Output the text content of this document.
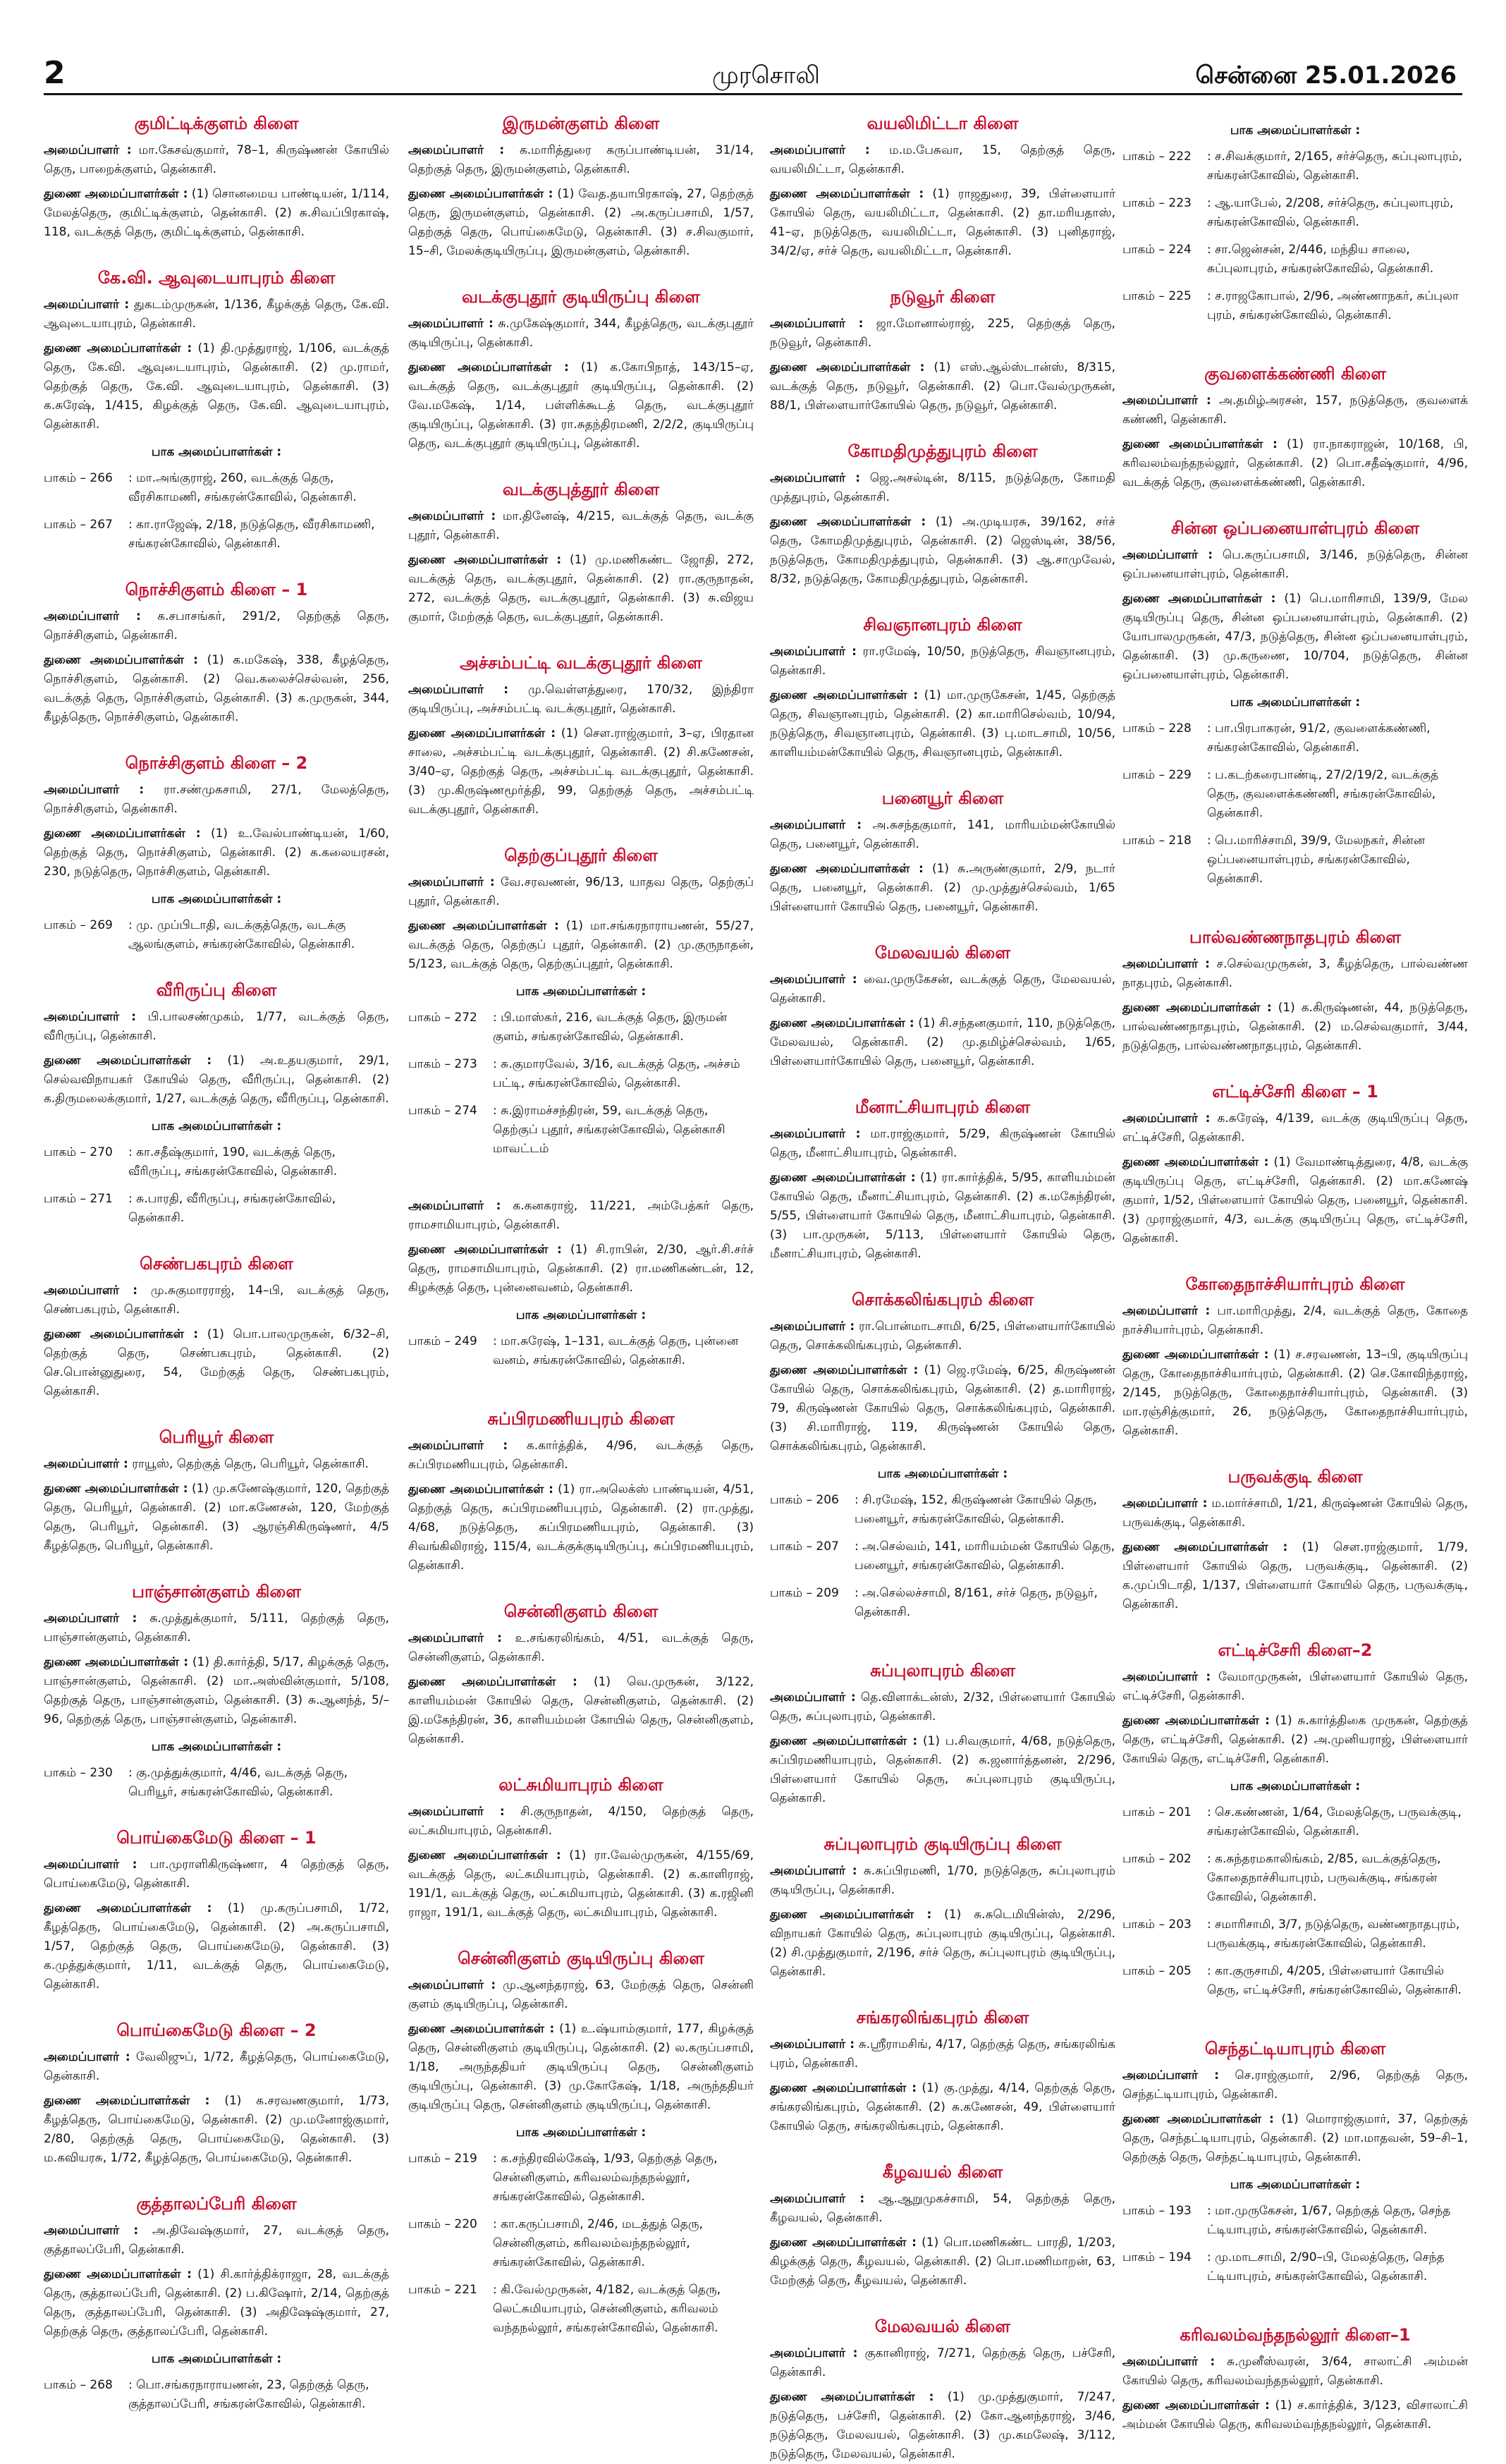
2	முரசொலி	சென்னை 25.01.2026
குமிட்டிக்குளம் கிளை
அமைப்பாளர் : மா.கேசவ்குமார், 78–1, கிருஷ்ணன் கோயில் தெரு, பாறைக்குளம், தென்காசி.
துணை அமைப்பாளர்கள் : (1) சொனமைய பாண்டியன், 1/114, மேலத்தெரு, குமிட்டிக்குளம், தென்காசி. (2) சு.சிவப்பிரகாஷ், 118, வடக்குத் தெரு, குமிட்டிக்குளம், தென்காசி.
கே.வி. ஆவுடையாபுரம் கிளை
அமைப்பாளர் : துகடம்முருகன், 1/136, கீழக்குத் தெரு, கே.வி. ஆவுடையாபுரம், தென்காசி.
துணை அமைப்பாளர்கள் : (1) தி.முத்துராஜ், 1/106, வடக்குத் தெரு, கே.வி. ஆவுடையாபுரம், தென்காசி. (2) மு.ராமர், தெற்குத் தெரு, கே.வி. ஆவுடையாபுரம், தென்காசி. (3) க.சுரேஷ், 1/415, கிழக்குத் தெரு, கே.வி. ஆவுடையாபுரம், தென்காசி.
பாக அமைப்பாளர்கள் :
பாகம் – 266	: மா.அங்குராஜ், 260, வடக்குத் தெரு, வீரசிகாமணி, சங்கரன்கோவில், தென்காசி.
பாகம் – 267	: கா.ராஜேஷ், 2/18, நடுத்தெரு, வீரசிகாமணி, சங்கரன்கோவில், தென்காசி.
நொச்சிகுளம் கிளை – 1
அமைப்பாளர் : க.சபாசங்கர், 291/2, தெற்குத் தெரு, நொச்சிகுளம், தென்காசி.
துணை அமைப்பாளர்கள் : (1) க.மகேஷ், 338, கீழத்தெரு, நொச்சிகுளம், தென்காசி. (2) வெ.கலைச்செல்வன், 256, வடக்குத் தெரு, நொச்சிகுளம், தென்காசி. (3) க.முருகன், 344, கீழத்தெரு, நொச்சிகுளம், தென்காசி.
நொச்சிகுளம் கிளை – 2
அமைப்பாளர் : ரா.சண்முகசாமி, 27/1, மேலத்தெரு, நொச்சிகுளம், தென்காசி.
துணை அமைப்பாளர்கள் : (1) உ.வேல்பாண்டியன், 1/60, தெற்குத் தெரு, நொச்சிகுளம், தென்காசி. (2) க.கலையரசன், 230, நடுத்தெரு, நொச்சிகுளம், தென்காசி.
பாக அமைப்பாளர்கள் :
பாகம் – 269	: மு. முப்பிடாதி, வடக்குத்தெரு, வடக்கு ஆலங்குளம், சங்கரன்கோவில், தென்காசி.
வீரிருப்பு கிளை
அமைப்பாளர் : பி.பாலசண்முகம், 1/77, வடக்குத் தெரு, வீரிருப்பு, தென்காசி.
துணை அமைப்பாளர்கள் : (1) அ.உதயகுமார், 29/1, செல்வவிநாயகர் கோயில் தெரு, வீரிருப்பு, தென்காசி. (2) க.திருமலைக்குமார், 1/27, வடக்குத் தெரு, வீரிருப்பு, தென்காசி.
பாக அமைப்பாளர்கள் :
பாகம் – 270	: கா.சதீஷ்குமார், 190, வடக்குத் தெரு, வீரிருப்பு, சங்கரன்கோவில், தென்காசி.
பாகம் – 271	: சு.பாரதி, வீரிருப்பு, சங்கரன்கோவில், தென்காசி.
செண்பகபுரம் கிளை
அமைப்பாளர் : மு.சுகுமாரராஜ், 14–பி, வடக்குத் தெரு, செண்பகபுரம், தென்காசி.
துணை அமைப்பாளர்கள் : (1) பொ.பாலமுருகன், 6/32–சி, தெற்குத் தெரு, செண்பகபுரம், தென்காசி. (2) செ.பொன்னுதுரை, 54, மேற்குத் தெரு, செண்பகபுரம், தென்காசி.
பெரியூர் கிளை
அமைப்பாளர் : ராயூஸ், தெற்குத் தெரு, பெரியூர், தென்காசி.
துணை அமைப்பாளர்கள் : (1) மு.கணேஷ்குமார், 120, தெற்குத் தெரு, பெரியூர், தென்காசி. (2) மா.கணேசன், 120, மேற்குத் தெரு, பெரியூர், தென்காசி. (3) ஆரஞ்சிகிருஷ்ணர், 4/5 கீழத்தெரு, பெரியூர், தென்காசி.
பாஞ்சான்குளம் கிளை
அமைப்பாளர் : சு.முத்துக்குமார், 5/111, தெற்குத் தெரு, பாஞ்சான்குளம், தென்காசி.
துணை அமைப்பாளர்கள் : (1) தி.கார்த்தி, 5/17, கிழக்குத் தெரு, பாஞ்சான்குளம், தென்காசி. (2) மா.அஸ்வின்குமார், 5/108, தெற்குத் தெரு, பாஞ்சான்குளம், தென்காசி. (3) சு.ஆனந்த், 5/–96, தெற்குத் தெரு, பாஞ்சான்குளம், தென்காசி.
பாக அமைப்பாளர்கள் :
பாகம் – 230	: கு.முத்துக்குமார், 4/46, வடக்குத் தெரு, பெரியூர், சங்கரன்கோவில், தென்காசி.
பொய்கைமேடு கிளை – 1
அமைப்பாளர் : பா.முராளிகிருஷ்ணா, 4 தெற்குத் தெரு, பொய்கைமேடு, தென்காசி.
துணை அமைப்பாளர்கள் : (1) மு.கருப்பசாமி, 1/72, கீழத்தெரு, பொய்கைமேடு, தென்காசி. (2) அ.கருப்பசாமி, 1/57, தெற்குத் தெரு, பொய்கைமேடு, தென்காசி. (3) க.முத்துக்குமார், 1/11, வடக்குத் தெரு, பொய்கைமேடு, தென்காசி.
பொய்கைமேடு கிளை – 2
அமைப்பாளர் : வேலிஜுப், 1/72, கீழத்தெரு, பொய்கைமேடு, தென்காசி.
துணை அமைப்பாளர்கள் : (1) க.சரவணகுமார், 1/73, கீழத்தெரு, பொய்கைமேடு, தென்காசி. (2) மு.மனோஜ்குமார், 2/80, தெற்குத் தெரு, பொய்கைமேடு, தென்காசி. (3) ம.கவியரசு, 1/72, கீழத்தெரு, பொய்கைமேடு, தென்காசி.
குத்தாலப்பேரி கிளை
அமைப்பாளர் : அ.திவேஷ்குமார், 27, வடக்குத் தெரு, குத்தாலப்பேரி, தென்காசி.
துணை அமைப்பாளர்கள் : (1) சி.கார்த்திக்ராஜா, 28, வடக்குத் தெரு, குத்தாலப்பேரி, தென்காசி. (2) ப.கிஷோர், 2/14, தெற்குத் தெரு, குத்தாலப்பேரி, தென்காசி. (3) அதிஷேஷ்குமார், 27, தெற்குத் தெரு, குத்தாலப்பேரி, தென்காசி.
பாக அமைப்பாளர்கள் :
பாகம் – 268	: பொ.சங்கரநாராயணன், 23, தெற்குத் தெரு, குத்தாலப்பேரி, சங்கரன்கோவில், தென்காசி.
இருமன்குளம் கிளை
அமைப்பாளர் : க.மாரித்துரை கருப்பாண்டியன், 31/14, தெற்குத் தெரு, இருமன்குளம், தென்காசி.
துணை அமைப்பாளர்கள் : (1) வேத.தயாபிரகாஷ், 27, தெற்குத் தெரு, இருமன்குளம், தென்காசி. (2) அ.கருப்பசாமி, 1/57, தெற்குத் தெரு, பொய்கைமேடு, தென்காசி. (3) ச.சிவகுமார், 15–சி, மேலக்குடியிருப்பு, இருமன்குளம், தென்காசி.
வடக்குபுதூர் குடியிருப்பு கிளை
அமைப்பாளர் : சு.முகேஷ்குமார், 344, கீழத்தெரு, வடக்குபுதூர் குடியிருப்பு, தென்காசி.
துணை அமைப்பாளர்கள் : (1) க.கோபிநாத், 143/15–ஏ, வடக்குத் தெரு, வடக்குபுதூர் குடியிருப்பு, தென்காசி. (2) வே.மகேஷ், 1/14, பள்ளிக்கூடத் தெரு, வடக்குபுதூர் குடியிருப்பு, தென்காசி. (3) ரா.சுதந்திரமணி, 2/2/2, குடியிருப்பு தெரு, வடக்குபுதூர் குடியிருப்பு, தென்காசி.
வடக்குபுத்தூர் கிளை
அமைப்பாளர் : மா.தினேஷ், 4/215, வடக்குத் தெரு, வடக்கு புதூர், தென்காசி.
துணை அமைப்பாளர்கள் : (1) மு.மணிகண்ட ஜோதி, 272, வடக்குத் தெரு, வடக்குபுதூர், தென்காசி. (2) ரா.குருநாதன், 272, வடக்குத் தெரு, வடக்குபுதூர், தென்காசி. (3) சு.விஜய குமார், மேற்குத் தெரு, வடக்குபுதூர், தென்காசி.
அச்சம்பட்டி வடக்குபுதூர் கிளை
அமைப்பாளர் : மு.வெள்ளத்துரை, 170/32, இந்திரா குடியிருப்பு, அச்சம்பட்டி வடக்குபுதூர், தென்காசி.
துணை அமைப்பாளர்கள் : (1) சௌ.ராஜ்குமார், 3–ஏ, பிரதான சாலை, அச்சம்பட்டி வடக்குபுதூர், தென்காசி. (2) சி.கணேசன், 3/40–ஏ, தெற்குத் தெரு, அச்சம்பட்டி வடக்குபுதூர், தென்காசி. (3) மு.கிருஷ்ணமூர்த்தி, 99, தெற்குத் தெரு, அச்சம்பட்டி வடக்குபுதூர், தென்காசி.
தெற்குப்புதூர் கிளை
அமைப்பாளர் : வே.சரவணன், 96/13, யாதவ தெரு, தெற்குப் புதூர், தென்காசி.
துணை அமைப்பாளர்கள் : (1) மா.சங்கரநாராயணன், 55/27, வடக்குத் தெரு, தெற்குப் புதூர், தென்காசி. (2) மு.குருநாதன், 5/123, வடக்குத் தெரு, தெற்குப்புதூர், தென்காசி.
பாக அமைப்பாளர்கள் :
பாகம் – 272	: பி.மாஸ்கர், 216, வடக்குத் தெரு, இருமன் குளம், சங்கரன்கோவில், தென்காசி.
பாகம் – 273	: சு.குமாரவேல், 3/16, வடக்குத் தெரு, அச்சம் பட்டி, சங்கரன்கோவில், தென்காசி.
பாகம் – 274	: சு.இராமச்சந்திரன், 59, வடக்குத் தெரு, தெற்குப் புதூர், சங்கரன்கோவில், தென்காசி மாவட்டம்
அமைப்பாளர் : க.கனகராஜ், 11/221, அம்பேத்கர் தெரு, ராமசாமியாபுரம், தென்காசி.
துணை அமைப்பாளர்கள் : (1) சி.ராபின், 2/30, ஆர்.சி.சர்ச் தெரு, ராமசாமியாபுரம், தென்காசி. (2) ரா.மணிகண்டன், 12, கிழக்குத் தெரு, புன்னைவனம், தென்காசி.
பாக அமைப்பாளர்கள் :
பாகம் – 249	: மா.சுரேஷ், 1–131, வடக்குத் தெரு, புன்னை வனம், சங்கரன்கோவில், தென்காசி.
சுப்பிரமணியபுரம் கிளை
அமைப்பாளர் : க.கார்த்திக், 4/96, வடக்குத் தெரு, சுப்பிரமணியபுரம், தென்காசி.
துணை அமைப்பாளர்கள் : (1) ரா.அலெக்ஸ் பாண்டியன், 4/51, தெற்குத் தெரு, சுப்பிரமணியபுரம், தென்காசி. (2) ரா.முத்து, 4/68, நடுத்தெரு, சுப்பிரமணியபுரம், தென்காசி. (3) சிவங்கிலிராஜ், 115/4, வடக்குக்குடியிருப்பு, சுப்பிரமணியபுரம், தென்காசி.
சென்னிகுளம் கிளை
அமைப்பாளர் : உ.சங்கரலிங்கம், 4/51, வடக்குத் தெரு, சென்னிகுளம், தென்காசி.
துணை அமைப்பாளர்கள் : (1) வெ.முருகன், 3/122, காளியம்மன் கோயில் தெரு, சென்னிகுளம், தென்காசி. (2) இ.மகேந்திரன், 36, காளியம்மன் கோயில் தெரு, சென்னிகுளம், தென்காசி.
லட்சுமியாபுரம் கிளை
அமைப்பாளர் : சி.குருநாதன், 4/150, தெற்குத் தெரு, லட்சுமியாபுரம், தென்காசி.
துணை அமைப்பாளர்கள் : (1) ரா.வேல்முருகன், 4/155/69, வடக்குத் தெரு, லட்சுமியாபுரம், தென்காசி. (2) க.காளிராஜ், 191/1, வடக்குத் தெரு, லட்சுமியாபுரம், தென்காசி. (3) க.ரஜினி ராஜா, 191/1, வடக்குத் தெரு, லட்சுமியாபுரம், தென்காசி.
சென்னிகுளம் குடியிருப்பு கிளை
அமைப்பாளர் : மு.ஆனந்தராஜ், 63, மேற்குத் தெரு, சென்னி குளம் குடியிருப்பு, தென்காசி.
துணை அமைப்பாளர்கள் : (1) உ.ஷ்யாம்குமார், 177, கிழக்குத் தெரு, சென்னிகுளம் குடியிருப்பு, தென்காசி. (2) ல.கருப்பசாமி, 1/18, அருந்ததியர் குடியிருப்பு தெரு, சென்னிகுளம் குடியிருப்பு, தென்காசி. (3) மு.கோகேஷ், 1/18, அருந்ததியர் குடியிருப்பு தெரு, சென்னிகுளம் குடியிருப்பு, தென்காசி.
பாக அமைப்பாளர்கள் :
பாகம் – 219	: க.சந்திரவில்கேஷ், 1/93, தெற்குத் தெரு, சென்னிகுளம், கரிவலம்வந்தநல்லூர், சங்கரன்கோவில், தென்காசி.
பாகம் – 220	: கா.கருப்பசாமி, 2/46, மடத்துத் தெரு, சென்னிகுளம், கரிவலம்வந்தநல்லூர், சங்கரன்கோவில், தென்காசி.
பாகம் – 221	: கி.வேல்முருகன், 4/182, வடக்குத் தெரு, லெட்சுமியாபுரம், சென்னிகுளம், கரிவலம் வந்தநல்லூர், சங்கரன்கோவில், தென்காசி.
வயலிமிட்டா கிளை
அமைப்பாளர் : ம.ம.பேசுவா, 15, தெற்குத் தெரு, வயலிமிட்டா, தென்காசி.
துணை அமைப்பாளர்கள் : (1) ராஜதுரை, 39, பிள்ளையார் கோயில் தெரு, வயலிமிட்டா, தென்காசி. (2) தா.மரியதாஸ், 41–ஏ, நடுத்தெரு, வயலிமிட்டா, தென்காசி. (3) புனிதராஜ், 34/2/ஏ, சர்ச் தெரு, வயலிமிட்டா, தென்காசி.
நடுவூர் கிளை
அமைப்பாளர் : ஜா.மோனால்ராஜ், 225, தெற்குத் தெரு, நடுவூர், தென்காசி.
துணை அமைப்பாளர்கள் : (1) எஸ்.ஆல்ஸ்டான்ஸ், 8/315, வடக்குத் தெரு, நடுவூர், தென்காசி. (2) பொ.வேல்முருகன், 88/1, பிள்ளையார்கோயில் தெரு, நடுவூர், தென்காசி.
கோமதிமுத்துபுரம் கிளை
அமைப்பாளர் : ஜெ.அசல்டின், 8/115, நடுத்தெரு, கோமதி முத்துபுரம், தென்காசி.
துணை அமைப்பாளர்கள் : (1) அ.முடியரசு, 39/162, சர்ச் தெரு, கோமதிமுத்துபுரம், தென்காசி. (2) ஜெஸ்டின், 38/56, நடுத்தெரு, கோமதிமுத்துபுரம், தென்காசி. (3) ஆ.சாமுவேல், 8/32, நடுத்தெரு, கோமதிமுத்துபுரம், தென்காசி.
சிவஞானபுரம் கிளை
அமைப்பாளர் : ரா.ரமேஷ், 10/50, நடுத்தெரு, சிவஞானபுரம், தென்காசி.
துணை அமைப்பாளர்கள் : (1) மா.முருகேசன், 1/45, தெற்குத் தெரு, சிவஞானபுரம், தென்காசி. (2) கா.மாரிசெல்வம், 10/94, நடுத்தெரு, சிவஞானபுரம், தென்காசி. (3) பு.மாடசாமி, 10/56, காளியம்மன்கோயில் தெரு, சிவஞானபுரம், தென்காசி.
பனையூர் கிளை
அமைப்பாளர் : அ.சுசந்தகுமார், 141, மாரியம்மன்கோயில் தெரு, பனையூர், தென்காசி.
துணை அமைப்பாளர்கள் : (1) சு.அருண்குமார், 2/9, நடார் தெரு, பனையூர், தென்காசி. (2) மு.முத்துச்செல்வம், 1/65 பிள்ளையார் கோயில் தெரு, பனையூர், தென்காசி.
மேலவயல் கிளை
அமைப்பாளர் : வை.முருகேசன், வடக்குத் தெரு, மேலவயல், தென்காசி.
துணை அமைப்பாளர்கள் : (1) சி.சந்தனகுமார், 110, நடுத்தெரு, மேலவயல், தென்காசி. (2) மு.தமிழ்ச்செல்வம், 1/65, பிள்ளையார்கோயில் தெரு, பனையூர், தென்காசி.
மீனாட்சியாபுரம் கிளை
அமைப்பாளர் : மா.ராஜ்குமார், 5/29, கிருஷ்ணன் கோயில் தெரு, மீனாட்சியாபுரம், தென்காசி.
துணை அமைப்பாளர்கள் : (1) ரா.கார்த்திக், 5/95, காளியம்மன் கோயில் தெரு, மீனாட்சியாபுரம், தென்காசி. (2) க.மகேந்திரன், 5/55, பிள்ளையார் கோயில் தெரு, மீனாட்சியாபுரம், தென்காசி. (3) பா.முருகன், 5/113, பிள்ளையார் கோயில் தெரு, மீனாட்சியாபுரம், தென்காசி.
சொக்கலிங்கபுரம் கிளை
அமைப்பாளர் : ரா.பொன்மாடசாமி, 6/25, பிள்ளையார்கோயில் தெரு, சொக்கலிங்கபுரம், தென்காசி.
துணை அமைப்பாளர்கள் : (1) ஜெ.ரமேஷ், 6/25, கிருஷ்ணன் கோயில் தெரு, சொக்கலிங்கபுரம், தென்காசி. (2) த.மாரிராஜ், 79, கிருஷ்ணன் கோயில் தெரு, சொக்கலிங்கபுரம், தென்காசி. (3) சி.மாரிராஜ், 119, கிருஷ்ணன் கோயில் தெரு, சொக்கலிங்கபுரம், தென்காசி.
பாக அமைப்பாளர்கள் :
பாகம் – 206	: சி.ரமேஷ், 152, கிருஷ்ணன் கோயில் தெரு, பனையூர், சங்கரன்கோவில், தென்காசி.
பாகம் – 207	: அ.செல்வம், 141, மாரியம்மன் கோயில் தெரு, பனையூர், சங்கரன்கோவில், தென்காசி.
பாகம் – 209	: அ.செல்லச்சாமி, 8/161, சர்ச் தெரு, நடுவூர், தென்காசி.
சுப்புலாபுரம் கிளை
அமைப்பாளர் : தெ.விளாக்டன்ஸ், 2/32, பிள்ளையார் கோயில் தெரு, சுப்புலாபுரம், தென்காசி.
துணை அமைப்பாளர்கள் : (1) ப.சிவகுமார், 4/68, நடுத்தெரு, சுப்பிரமணியாபுரம், தென்காசி. (2) சு.ஜனார்த்தனன், 2/296, பிள்ளையார் கோயில் தெரு, சுப்புலாபுரம் குடியிருப்பு, தென்காசி.
சுப்புலாபுரம் குடியிருப்பு கிளை
அமைப்பாளர் : சு.சுப்பிரமணி, 1/70, நடுத்தெரு, சுப்புலாபுரம் குடியிருப்பு, தென்காசி.
துணை அமைப்பாளர்கள் : (1) சு.சுடெமியின்ஸ், 2/296, விநாயகர் கோயில் தெரு, சுப்புலாபுரம் குடியிருப்பு, தென்காசி. (2) சி.முத்துகுமார், 2/196, சர்ச் தெரு, சுப்புலாபுரம் குடியிருப்பு, தென்காசி.
சங்கரலிங்கபுரம் கிளை
அமைப்பாளர் : சு.ஸ்ரீராமசிங், 4/17, தெற்குத் தெரு, சங்கரலிங்க புரம், தென்காசி.
துணை அமைப்பாளர்கள் : (1) கு.முத்து, 4/14, தெற்குத் தெரு, சங்கரலிங்கபுரம், தென்காசி. (2) சு.கணேசன், 49, பிள்ளையார் கோயில் தெரு, சங்கரலிங்கபுரம், தென்காசி.
கீழவயல் கிளை
அமைப்பாளர் : ஆ.ஆறுமுகச்சாமி, 54, தெற்குத் தெரு, கீழவயல், தென்காசி.
துணை அமைப்பாளர்கள் : (1) பொ.மணிகண்ட பாரதி, 1/203, கிழக்குத் தெரு, கீழவயல், தென்காசி. (2) பொ.மணிமாறன், 63, மேற்குத் தெரு, கீழவயல், தென்காசி.
மேலவயல் கிளை
அமைப்பாளர் : குகானிராஜ், 7/271, தெற்குத் தெரு, பச்சேரி, தென்காசி.
துணை அமைப்பாளர்கள் : (1) மு.முத்துகுமார், 7/247, நடுத்தெரு, பச்சேரி, தென்காசி. (2) கோ.ஆனந்தராஜ், 3/46, நடுத்தெரு, மேலவயல், தென்காசி. (3) மு.கமலேஷ், 3/112, நடுத்தெரு, மேலவயல், தென்காசி.
பாக அமைப்பாளர்கள் :
பாகம் – 222	: ச.சிவக்குமார், 2/165, சர்ச்தெரு, சுப்புலாபுரம், சங்கரன்கோவில், தென்காசி.
பாகம் – 223	: ஆ.யாபேல், 2/208, சர்ச்தெரு, சுப்புலாபுரம், சங்கரன்கோவில், தென்காசி.
பாகம் – 224	: சா.ஜென்சன், 2/446, மந்திய சாலை, சுப்புலாபுரம், சங்கரன்கோவில், தென்காசி.
பாகம் – 225	: ச.ராஜகோபால், 2/96, அண்ணாநகர், சுப்புலா புரம், சங்கரன்கோவில், தென்காசி.
குவளைக்கண்ணி கிளை
அமைப்பாளர் : அ.தமிழ்அரசன், 157, நடுத்தெரு, குவளைக் கண்ணி, தென்காசி.
துணை அமைப்பாளர்கள் : (1) ரா.நாகராஜன், 10/168, பி, கரிவலம்வந்தநல்லூர், தென்காசி. (2) பொ.சதீஷ்குமார், 4/96, வடக்குத் தெரு, குவளைக்கண்ணி, தென்காசி.
சின்ன ஒப்பனையாள்புரம் கிளை
அமைப்பாளர் : பெ.கருப்பசாமி, 3/146, நடுத்தெரு, சின்ன ஒப்பனையாள்புரம், தென்காசி.
துணை அமைப்பாளர்கள் : (1) பெ.மாரிசாமி, 139/9, மேல குடியிருப்பு தெரு, சின்ன ஒப்பனையாள்புரம், தென்காசி. (2) யோபாலமுருகன், 47/3, நடுத்தெரு, சின்ன ஒப்பனையாள்புரம், தென்காசி. (3) மு.கருணை, 10/704, நடுத்தெரு, சின்ன ஒப்பனையாள்புரம், தென்காசி.
பாக அமைப்பாளர்கள் :
பாகம் – 228	: பா.பிரபாகரன், 91/2, குவளைக்கண்ணி, சங்கரன்கோவில், தென்காசி.
பாகம் – 229	: ப.கடற்கரைபாண்டி, 27/2/19/2, வடக்குத் தெரு, குவளைக்கண்ணி, சங்கரன்கோவில், தென்காசி.
பாகம் – 218	: பெ.மாரிச்சாமி, 39/9, மேலநகர், சின்ன ஒப்பனையாள்புரம், சங்கரன்கோவில், தென்காசி.
பால்வண்ணநாதபுரம் கிளை
அமைப்பாளர் : ச.செல்வமுருகன், 3, கீழத்தெரு, பால்வண்ண நாதபுரம், தென்காசி.
துணை அமைப்பாளர்கள் : (1) க.கிருஷ்ணன், 44, நடுத்தெரு, பால்வண்ணநாதபுரம், தென்காசி. (2) ம.செல்வகுமார், 3/44, நடுத்தெரு, பால்வண்ணநாதபுரம், தென்காசி.
எட்டிச்சேரி கிளை – 1
அமைப்பாளர் : க.சுரேஷ், 4/139, வடக்கு குடியிருப்பு தெரு, எட்டிச்சேரி, தென்காசி.
துணை அமைப்பாளர்கள் : (1) வேமாண்டித்துரை, 4/8, வடக்கு குடியிருப்பு தெரு, எட்டிச்சேரி, தென்காசி. (2) மா.கணேஷ் குமார், 1/52, பிள்ளையார் கோயில் தெரு, பனையூர், தென்காசி. (3) முராஜ்குமார், 4/3, வடக்கு குடியிருப்பு தெரு, எட்டிச்சேரி, தென்காசி.
கோதைநாச்சியார்புரம் கிளை
அமைப்பாளர் : பா.மாரிமுத்து, 2/4, வடக்குத் தெரு, கோதை நாச்சியார்புரம், தென்காசி.
துணை அமைப்பாளர்கள் : (1) ச.சரவணன், 13–பி, குடியிருப்பு தெரு, கோதைநாச்சியார்புரம், தென்காசி. (2) செ.கோவிந்தராஜ், 2/145, நடுத்தெரு, கோதைநாச்சியார்புரம், தென்காசி. (3) மா.ரஞ்சித்குமார், 26, நடுத்தெரு, கோதைநாச்சியார்புரம், தென்காசி.
பருவக்குடி கிளை
அமைப்பாளர் : ம.மார்ச்சாமி, 1/21, கிருஷ்ணன் கோயில் தெரு, பருவக்குடி, தென்காசி.
துணை அமைப்பாளர்கள் : (1) சௌ.ராஜ்குமார், 1/79, பிள்ளையார் கோயில் தெரு, பருவக்குடி, தென்காசி. (2) க.முப்பிடாதி, 1/137, பிள்ளையார் கோயில் தெரு, பருவக்குடி, தென்காசி.
எட்டிச்சேரி கிளை–2
அமைப்பாளர் : வேமாமுருகன், பிள்ளையார் கோயில் தெரு, எட்டிச்சேரி, தென்காசி.
துணை அமைப்பாளர்கள் : (1) சு.கார்த்திகை முருகன், தெற்குத் தெரு, எட்டிச்சேரி, தென்காசி. (2) அ.முனியராஜ், பிள்ளையார் கோயில் தெரு, எட்டிச்சேரி, தென்காசி.
பாக அமைப்பாளர்கள் :
பாகம் – 201	: செ.கண்ணன், 1/64, மேலத்தெரு, பருவக்குடி, சங்கரன்கோவில், தென்காசி.
பாகம் – 202	: க.சுந்தரமகாலிங்கம், 2/85, வடக்குத்தெரு, கோதைநாச்சியாபுரம், பருவக்குடி, சங்கரன் கோவில், தென்காசி.
பாகம் – 203	: சமாரிசாமி, 3/7, நடுத்தெரு, வண்ணநாதபுரம், பருவக்குடி, சங்கரன்கோவில், தென்காசி.
பாகம் – 205	: கா.குருசாமி, 4/205, பிள்ளையார் கோயில் தெரு, எட்டிச்சேரி, சங்கரன்கோவில், தென்காசி.
செந்தட்டியாபுரம் கிளை
அமைப்பாளர் : செ.ராஜ்குமார், 2/96, தெற்குத் தெரு, செந்தட்டியாபுரம், தென்காசி.
துணை அமைப்பாளர்கள் : (1) மொராஜ்குமார், 37, தெற்குத் தெரு, செந்தட்டியாபுரம், தென்காசி. (2) மா.மாதவன், 59–சி–1, தெற்குத் தெரு, செந்தட்டியாபுரம், தென்காசி.
பாக அமைப்பாளர்கள் :
பாகம் – 193	: மா.முருகேசன், 1/67, தெற்குத் தெரு, செந்த ட்டியாபுரம், சங்கரன்கோவில், தென்காசி.
பாகம் – 194	: மு.மாடசாமி, 2/90–பி, மேலத்தெரு, செந்த ட்டியாபுரம், சங்கரன்கோவில், தென்காசி.
கரிவலம்வந்தநல்லூர் கிளை–1
அமைப்பாளர் : சு.முனீஸ்வரன், 3/64, சாலாட்சி அம்மன் கோயில் தெரு, கரிவலம்வந்தநல்லூர், தென்காசி.
துணை அமைப்பாளர்கள் : (1) ச.கார்த்திக், 3/123, விசாலாட்சி அம்மன் கோயில் தெரு, கரிவலம்வந்தநல்லூர், தென்காசி.
